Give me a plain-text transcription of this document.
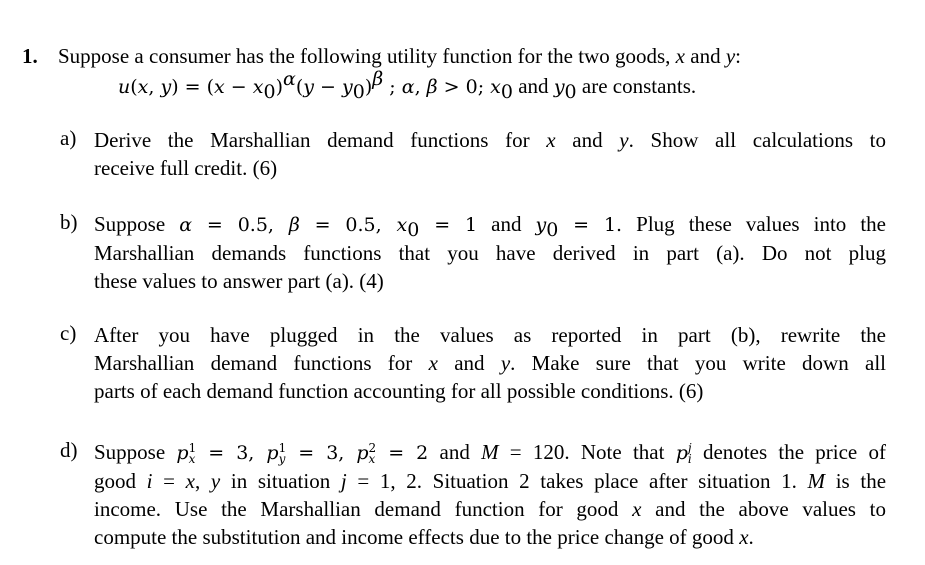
1. Suppose a consumer has the following utility function for the two goods, x and y:
u(x, $y) = (x - x_0)^\alpha(y - y_0)^\beta$ ; α, β > 0; $x_0$ and $y_0$ are constants.
a) Derive the Marshallian demand functions for x and y. Show all calculations to
receive full credit. (6)
b) Suppose α = 0.5, β = 0.5, $x_0 = 1$ and $y_0 = 1$. Plug these values into the
Marshallian demands functions that you have derived in part (a). Do not plug
these values to answer part (a). (4)
c) After you have plugged in the values as reported in part (b), rewrite the
Marshallian demand functions for x and y. Make sure that you write down all
parts of each demand function accounting for all possible conditions. (6)
d) Suppose p 1
x = 3, p 1
y = 3, p 2
x = 2 and M = 120. Note that p j
i denotes the price of
good i = x, y in situation j = 1, 2. Situation 2 takes place after situation 1. M is the
income. Use the Marshallian demand function for good x and the above values to
compute the substitution and income effects due to the price change of good x.
